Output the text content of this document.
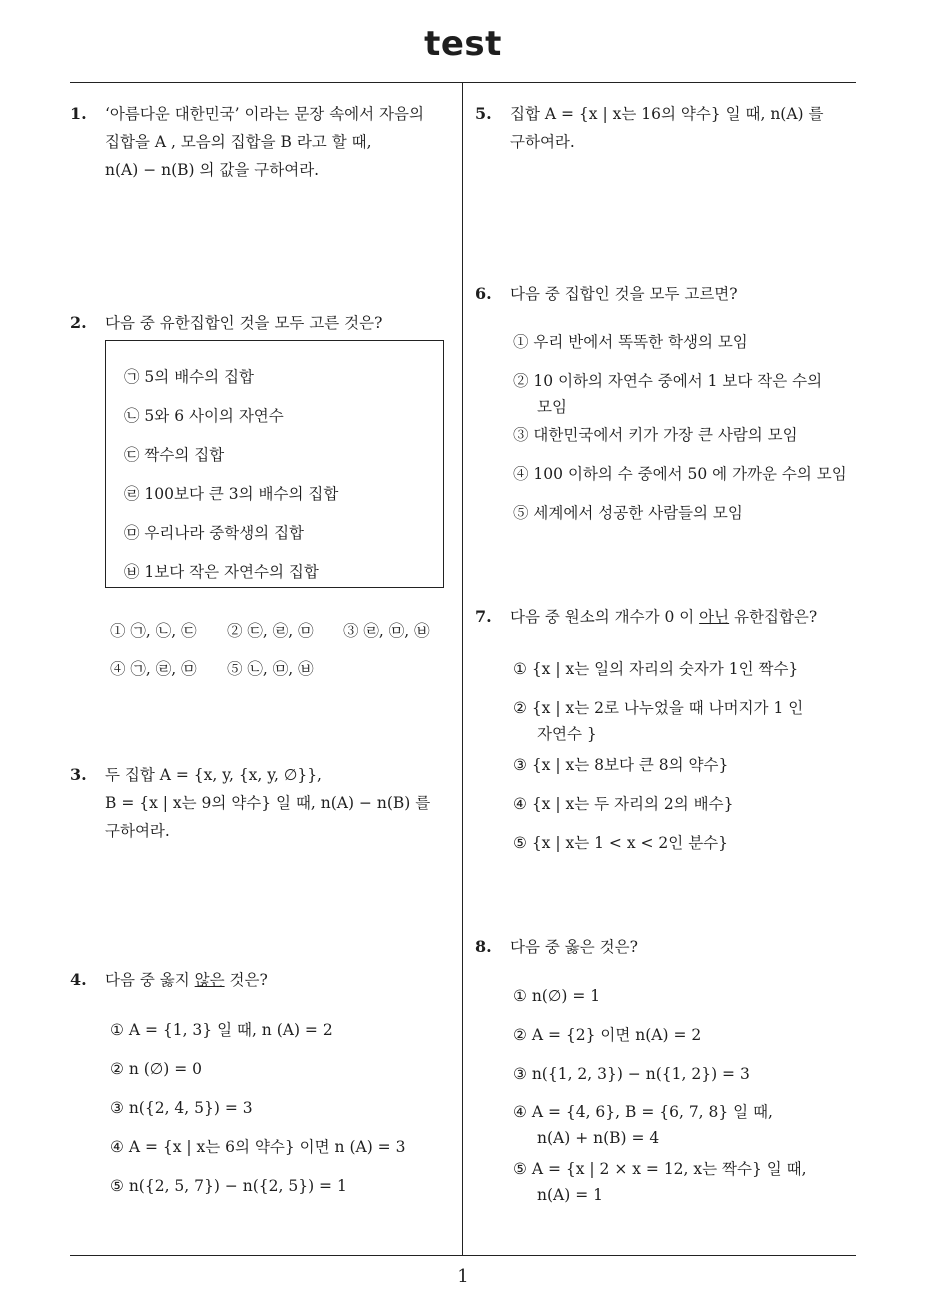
test
1
1. ‘아름다운 대한민국’ 이라는 문장 속에서 자음의
집합을 A , 모음의 집합을 B 라고 할 때,
n(A) − n(B) 의 값을 구하여라.
2. 다음 중 유한집합인 것을 모두 고른 것은?
㉠ 5의 배수의 집합
㉡ 5와 6 사이의 자연수
㉢ 짝수의 집합
㉣ 100보다 큰 3의 배수의 집합
㉤ 우리나라 중학생의 집합
㉥ 1보다 작은 자연수의 집합
① ㉠, ㉡, ㉢ ② ㉢, ㉣, ㉤ ③ ㉣, ㉤, ㉥
④ ㉠, ㉣, ㉤ ⑤ ㉡, ㉤, ㉥
3. 두 집합 A = {x, y, {x, y, ∅}},
B = {x | x는 9의 약수} 일 때, n(A) − n(B) 를
구하여라.
4. 다음 중 옳지 않은 것은?
① A = {1, 3} 일 때, n (A) = 2
② n (∅) = 0
③ n({2, 4, 5}) = 3
④ A = {x | x는 6의 약수} 이면 n (A) = 3
⑤ n({2, 5, 7}) − n({2, 5}) = 1
5. 집합 A = {x | x는 16의 약수} 일 때, n(A) 를
구하여라.
6. 다음 중 집합인 것을 모두 고르면?
① 우리 반에서 똑똑한 학생의 모임
② 10 이하의 자연수 중에서 1 보다 작은 수의
모임
③ 대한민국에서 키가 가장 큰 사람의 모임
④ 100 이하의 수 중에서 50 에 가까운 수의 모임
⑤ 세계에서 성공한 사람들의 모임
7. 다음 중 원소의 개수가 0 이 아닌 유한집합은?
① {x | x는 일의 자리의 숫자가 1인 짝수}
② {x | x는 2로 나누었을 때 나머지가 1 인
자연수 }
③ {x | x는 8보다 큰 8의 약수}
④ {x | x는 두 자리의 2의 배수}
⑤ {x | x는 1 < x < 2인 분수}
8. 다음 중 옳은 것은?
① n(∅) = 1
② A = {2} 이면 n(A) = 2
③ n({1, 2, 3}) − n({1, 2}) = 3
④ A = {4, 6}, B = {6, 7, 8} 일 때,
n(A) + n(B) = 4
⑤ A = {x | 2 × x = 12, x는 짝수} 일 때,
n(A) = 1
